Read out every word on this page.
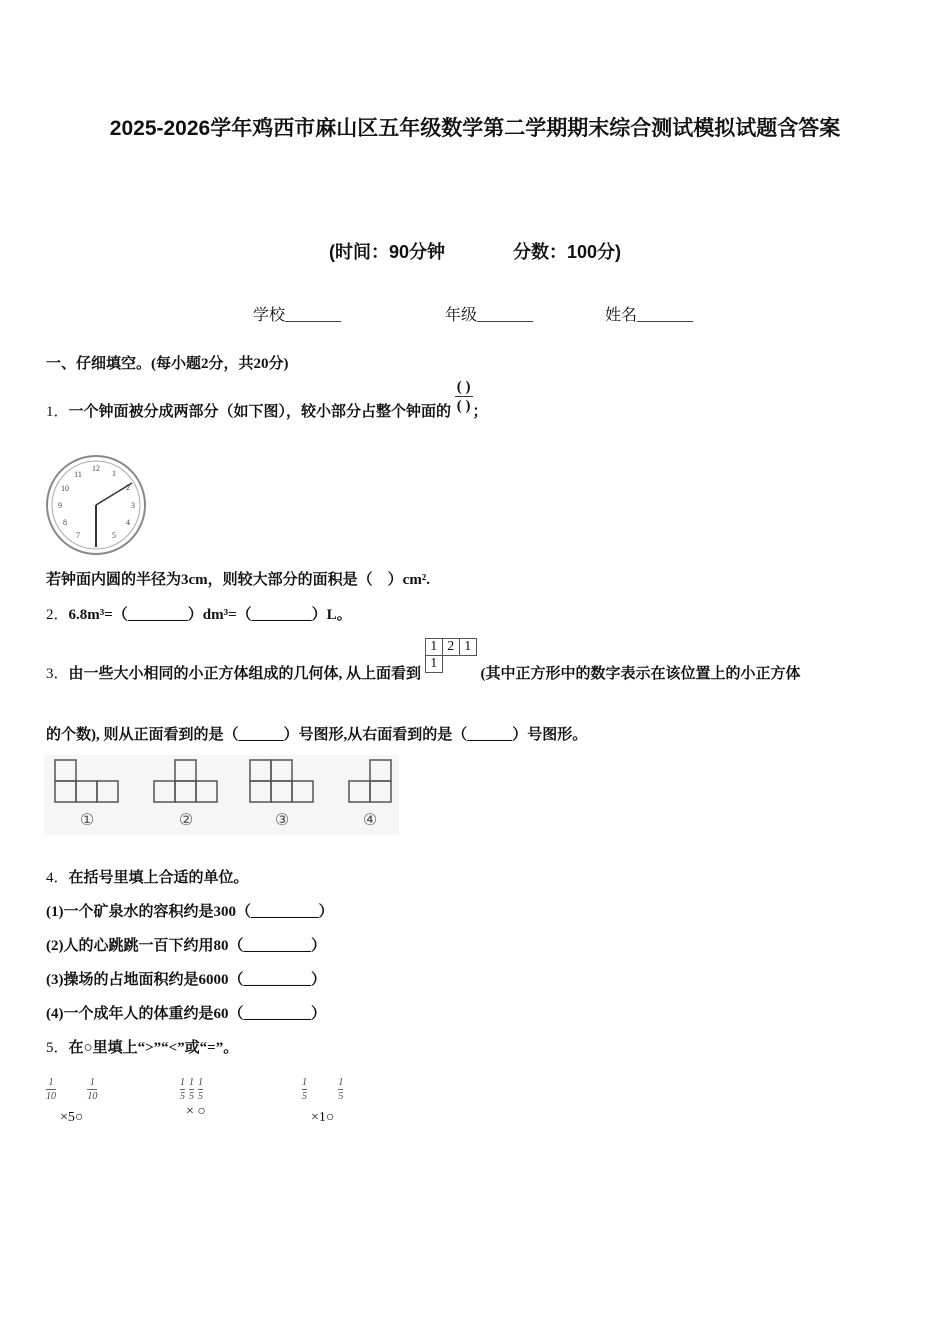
2025-2026学年鸡西市麻山区五年级数学第二学期期末综合测试模拟试题含答案
(时间：90分钟	分数：100分)
学校_______	年级_______	姓名_______
一、仔细填空。(每小题2分，共20分)
1．一个钟面被分成两部分（如下图），较小部分占整个钟面的 $\frac{( )}{( )}$；
12
1
2
3
4
5
7
8
9
10
11
若钟面内圆的半径为3cm，则较大部分的面积是（　）cm².
2．6.8m³=（________）dm³=（________）L。
3．由一些大小相同的小正方体组成的几何体, 从上面看到 1	2	1
1		(其中正方形中的数字表示在该位置上的小正方体
的个数), 则从正面看到的是（______）号图形,从右面看到的是（______）号图形。
①	②	③	④
4．在括号里填上合适的单位。
(1)一个矿泉水的容积约是300（_________）
(2)人的心跳跳一百下约用80（_________）
(3)操场的占地面积约是6000（_________）
(4)一个成年人的体重约是60（_________）
5．在○里填上“>”“<”或“=”。
$\frac{1}{10}$ ×5○
$\frac{1}{10}$	$\frac{1}{5} \frac{1}{5} \frac{1}{5}$
× ○
$\frac{1}{5}$ ×1○
$\frac{1}{5}$
